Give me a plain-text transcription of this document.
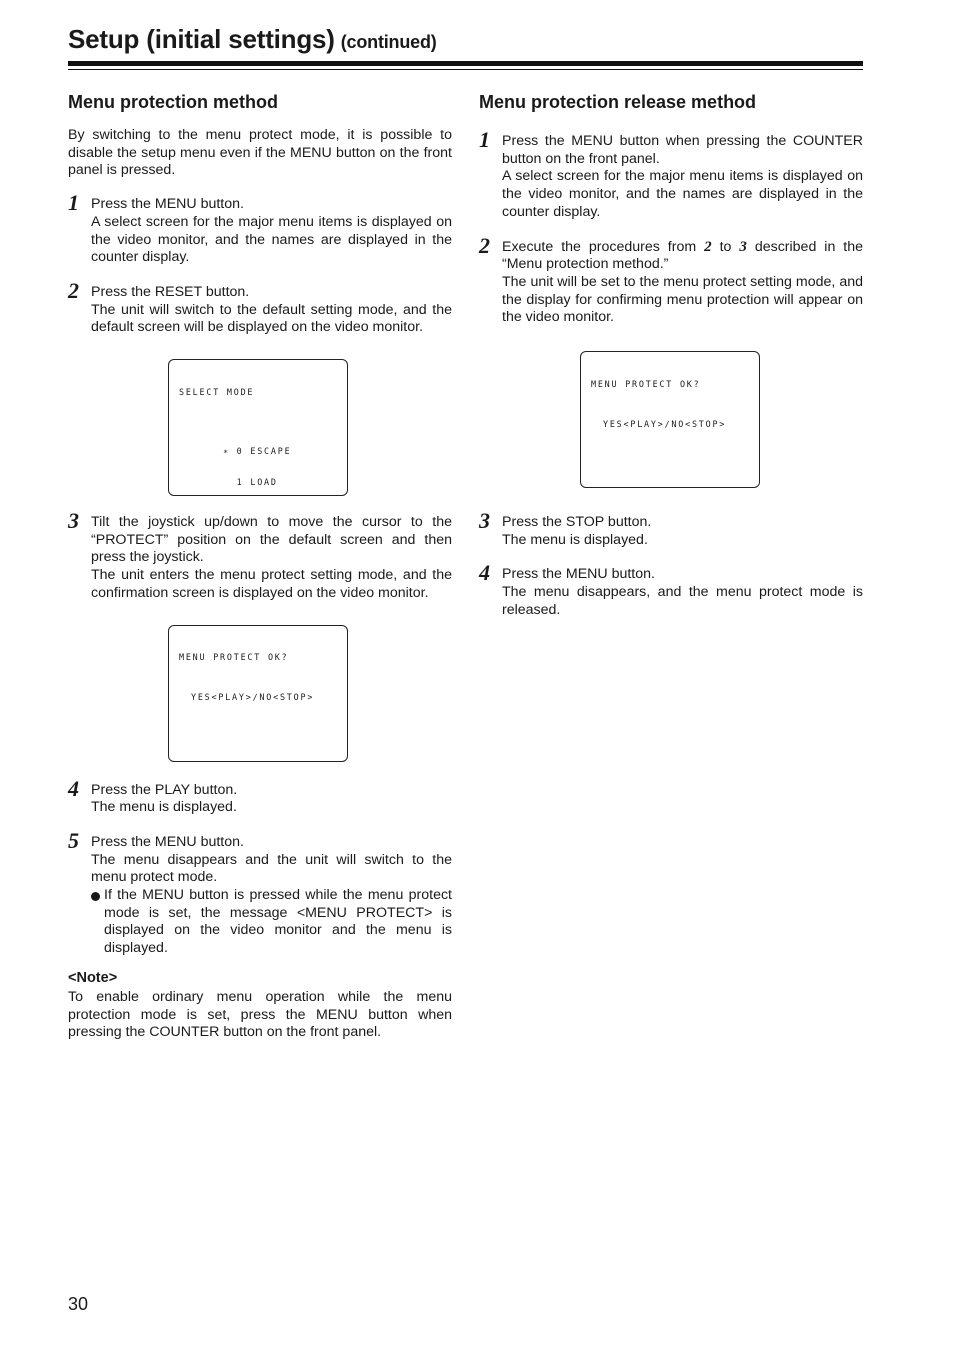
Setup (initial settings) (continued)
Menu protection method

By switching to the menu protect mode, it is possible to disable the setup menu even if the MENU button on the front panel is pressed.

1 Press the MENU button.
A select screen for the major menu items is displayed on the video monitor, and the names are displayed in the counter display.
2 Press the RESET button.
The unit will switch to the default setting mode, and the default screen will be displayed on the video monitor.

SELECT MODE

∗ 0 ESCAPE

1 LOAD

3 Tilt the joystick up/down to move the cursor to the “PROTECT” position on the default screen and then press the joystick.
The unit enters the menu protect setting mode, and the confirmation screen is displayed on the video monitor.

MENU PROTECT OK?

YES<PLAY>∕NO<STOP>

4 Press the PLAY button.
The menu is displayed.
5 Press the MENU button.
The menu disappears and the unit will switch to the menu protect mode.
If the MENU button is pressed while the menu protect mode is set, the message <MENU PROTECT> is displayed on the video monitor and the menu is displayed.
<Note>

To enable ordinary menu operation while the menu protection mode is set, press the MENU button when pressing the COUNTER button on the front panel.

Menu protection release method
1 Press the MENU button when pressing the COUNTER button on the front panel.
A select screen for the major menu items is displayed on the video monitor, and the names are displayed in the counter display.
2 Execute the procedures from 2 to 3 described in the “Menu protection method.”
The unit will be set to the menu protect setting mode, and the display for confirming menu protection will appear on the video monitor.

MENU PROTECT OK?

YES<PLAY>∕NO<STOP>

3 Press the STOP button.
The menu is displayed.
4 Press the MENU button.
The menu disappears, and the menu protect mode is released.
30
